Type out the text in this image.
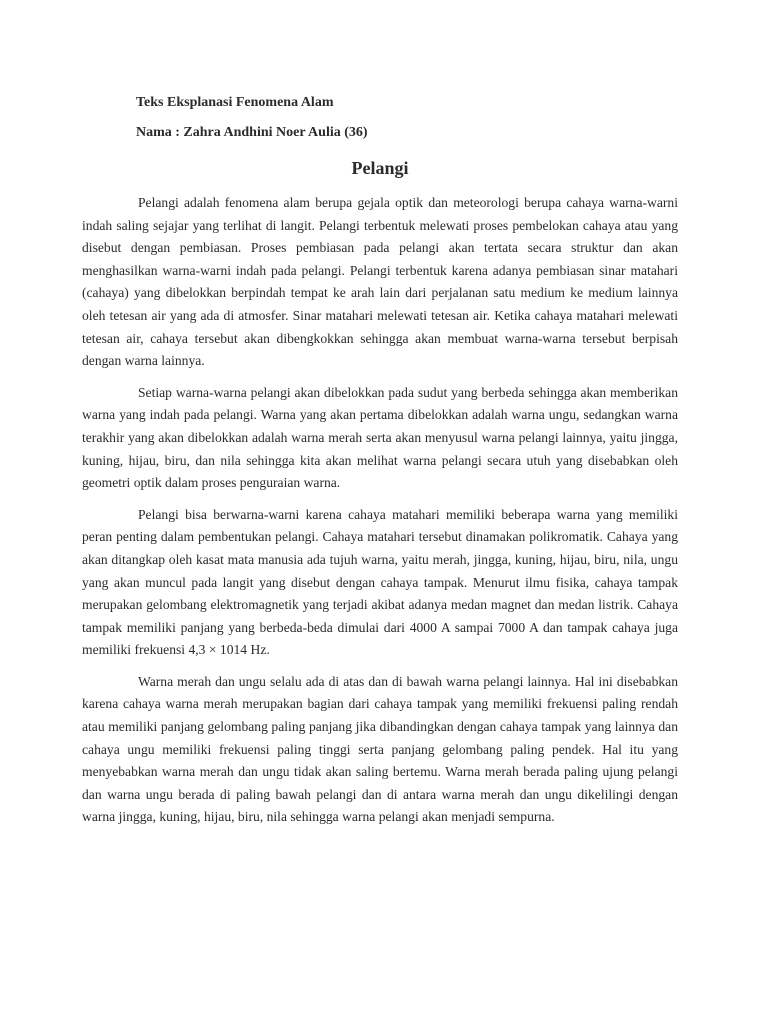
Teks Eksplanasi Fenomena Alam

Nama : Zahra Andhini Noer Aulia (36)

Pelangi

Pelangi adalah fenomena alam berupa gejala optik dan meteorologi berupa cahaya warna-warni indah saling sejajar yang terlihat di langit. Pelangi terbentuk melewati proses pembelokan cahaya atau yang disebut dengan pembiasan. Proses pembiasan pada pelangi akan tertata secara struktur dan akan menghasilkan warna-warni indah pada pelangi. Pelangi terbentuk karena adanya pembiasan sinar matahari (cahaya) yang dibelokkan berpindah tempat ke arah lain dari perjalanan satu medium ke medium lainnya oleh tetesan air yang ada di atmosfer. Sinar matahari melewati tetesan air. Ketika cahaya matahari melewati tetesan air, cahaya tersebut akan dibengkokkan sehingga akan membuat warna-warna tersebut berpisah dengan warna lainnya.

Setiap warna-warna pelangi akan dibelokkan pada sudut yang berbeda sehingga akan memberikan warna yang indah pada pelangi. Warna yang akan pertama dibelokkan adalah warna ungu, sedangkan warna terakhir yang akan dibelokkan adalah warna merah serta akan menyusul warna pelangi lainnya, yaitu jingga, kuning, hijau, biru, dan nila sehingga kita akan melihat warna pelangi secara utuh yang disebabkan oleh geometri optik dalam proses penguraian warna.

Pelangi bisa berwarna-warni karena cahaya matahari memiliki beberapa warna yang memiliki peran penting dalam pembentukan pelangi. Cahaya matahari tersebut dinamakan polikromatik. Cahaya yang akan ditangkap oleh kasat mata manusia ada tujuh warna, yaitu merah, jingga, kuning, hijau, biru, nila, ungu yang akan muncul pada langit yang disebut dengan cahaya tampak. Menurut ilmu fisika, cahaya tampak merupakan gelombang elektromagnetik yang terjadi akibat adanya medan magnet dan medan listrik. Cahaya tampak memiliki panjang yang berbeda-beda dimulai dari 4000 A sampai 7000 A dan tampak cahaya juga memiliki frekuensi 4,3 × 1014 Hz.

Warna merah dan ungu selalu ada di atas dan di bawah warna pelangi lainnya. Hal ini disebabkan karena cahaya warna merah merupakan bagian dari cahaya tampak yang memiliki frekuensi paling rendah atau memiliki panjang gelombang paling panjang jika dibandingkan dengan cahaya tampak yang lainnya dan cahaya ungu memiliki frekuensi paling tinggi serta panjang gelombang paling pendek. Hal itu yang menyebabkan warna merah dan ungu tidak akan saling bertemu. Warna merah berada paling ujung pelangi dan warna ungu berada di paling bawah pelangi dan di antara warna merah dan ungu dikelilingi dengan warna jingga, kuning, hijau, biru, nila sehingga warna pelangi akan menjadi sempurna.
